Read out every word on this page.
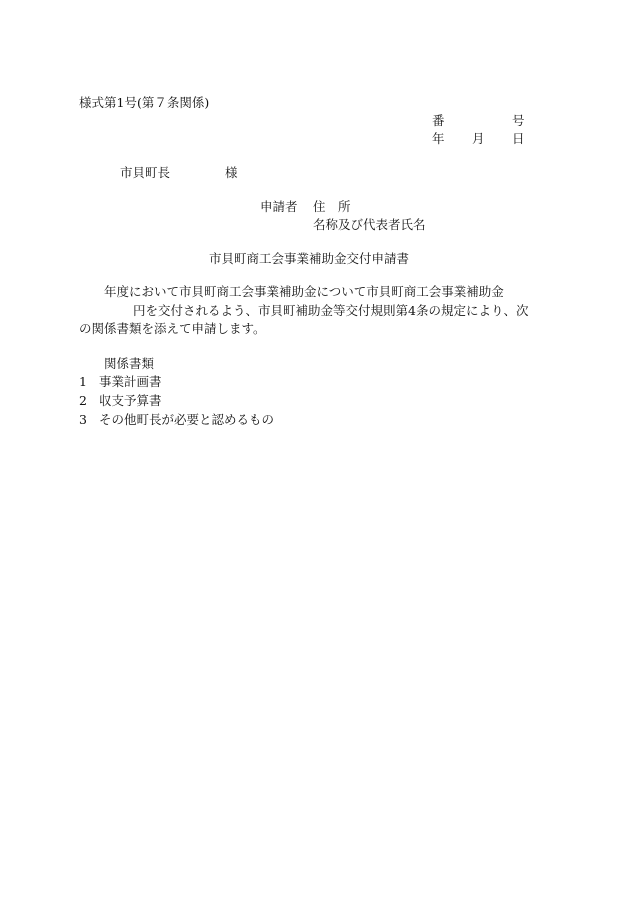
様式第1号(第７条関係)
番	号
年 月 日
市貝町長	様
申請者 住　所
名称及び代表者氏名
市貝町商工会事業補助金交付申請書
年度において市貝町商工会事業補助金について市貝町商工会事業補助金
円を交付されるよう、市貝町補助金等交付規則第4条の規定により、次
の関係書類を添えて申請します。
関係書類
1 事業計画書
2 収支予算書
3 その他町長が必要と認めるもの
